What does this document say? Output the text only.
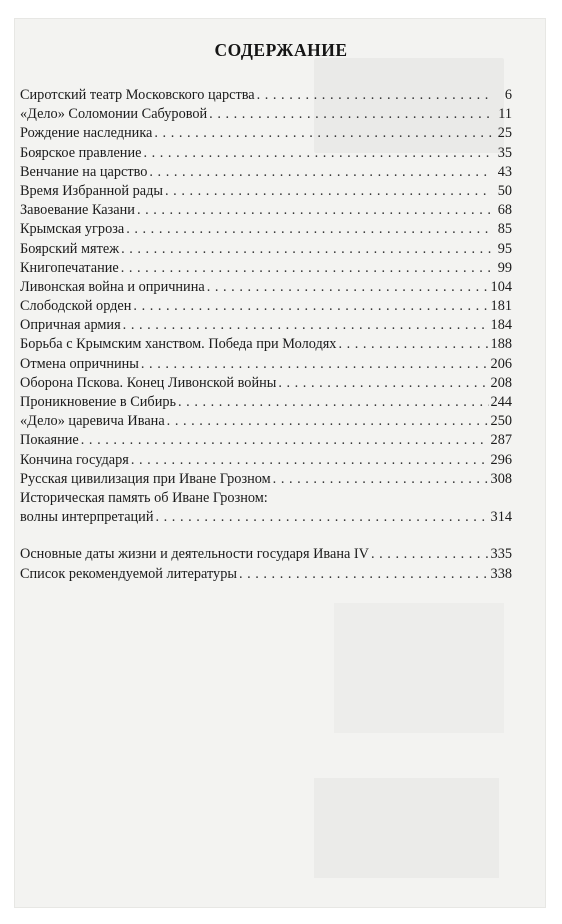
СОДЕРЖАНИЕ
Сиротский театр Московского царства . . .	6
«Дело» Соломонии Сабуровой . . .	11
Рождение наследника . . .	25
Боярское правление . . .	35
Венчание на царство . . .	43
Время Избранной рады . . .	50
Завоевание Казани . . .	68
Крымская угроза . . .	85
Боярский мятеж . . .	95
Книгопечатание . . .	99
Ливонская война и опричнина . . .	104
Слободской орден . . .	181
Опричная армия . . .	184
Борьба с Крымским ханством. Победа при Молодях . . .	188
Отмена опричнины . . .	206
Оборона Пскова. Конец Ливонской войны . . .	208
Проникновение в Сибирь . . .	244
«Дело» царевича Ивана . . .	250
Покаяние . . .	287
Кончина государя . . .	296
Русская цивилизация при Иване Грозном . . .	308
Историческая память об Иване Грозном:
волны интерпретаций . . .	314
Основные даты жизни и деятельности государя Ивана IV . . .	335
Список рекомендуемой литературы . . .	338
